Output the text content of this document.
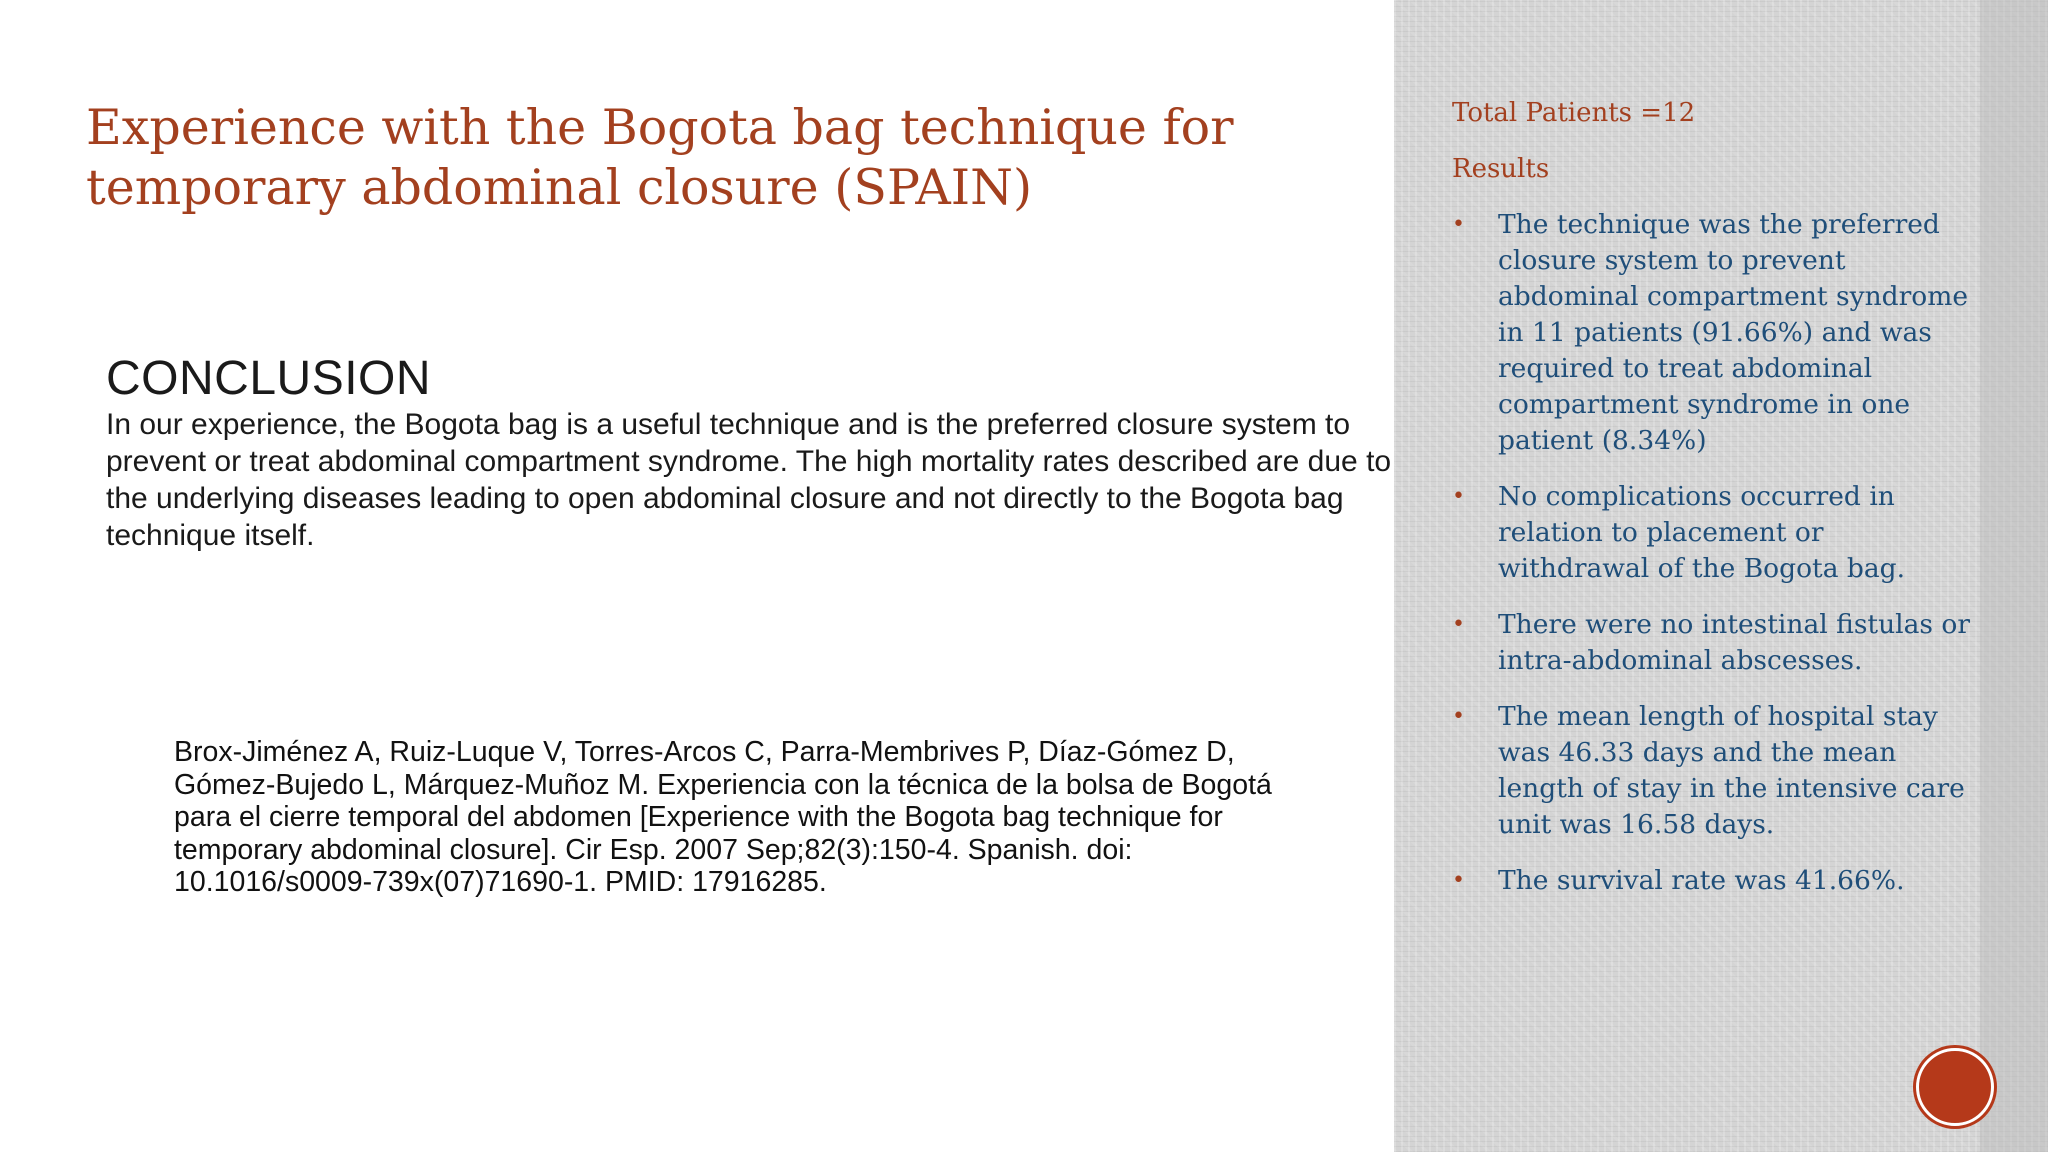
Experience with the Bogota bag technique for
temporary abdominal closure (SPAIN)
CONCLUSION

In our experience, the Bogota bag is a useful technique and is the preferred closure system to prevent or treat abdominal compartment syndrome. The high mortality rates described are due to the underlying diseases leading to open abdominal closure and not directly to the Bogota bag technique itself.

Brox-Jiménez A, Ruiz-Luque V, Torres-Arcos C, Parra-Membrives P, Díaz-Gómez D, Gómez-Bujedo L, Márquez-Muñoz M. Experiencia con la técnica de la bolsa de Bogotá para el cierre temporal del abdomen [Experience with the Bogota bag technique for temporary abdominal closure]. Cir Esp. 2007 Sep;82(3):150-4. Spanish. doi: 10.1016/s0009-739x(07)71690-1. PMID: 17916285.

Total Patients =12
Results
• The technique was the preferred closure system to prevent abdominal compartment syndrome in 11 patients (91.66%) and was required to treat abdominal compartment syndrome in one patient (8.34%)
• No complications occurred in relation to placement or withdrawal of the Bogota bag.
• There were no intestinal fistulas or intra-abdominal abscesses.
• The mean length of hospital stay was 46.33 days and the mean length of stay in the intensive care unit was 16.58 days.
• The survival rate was 41.66%.
